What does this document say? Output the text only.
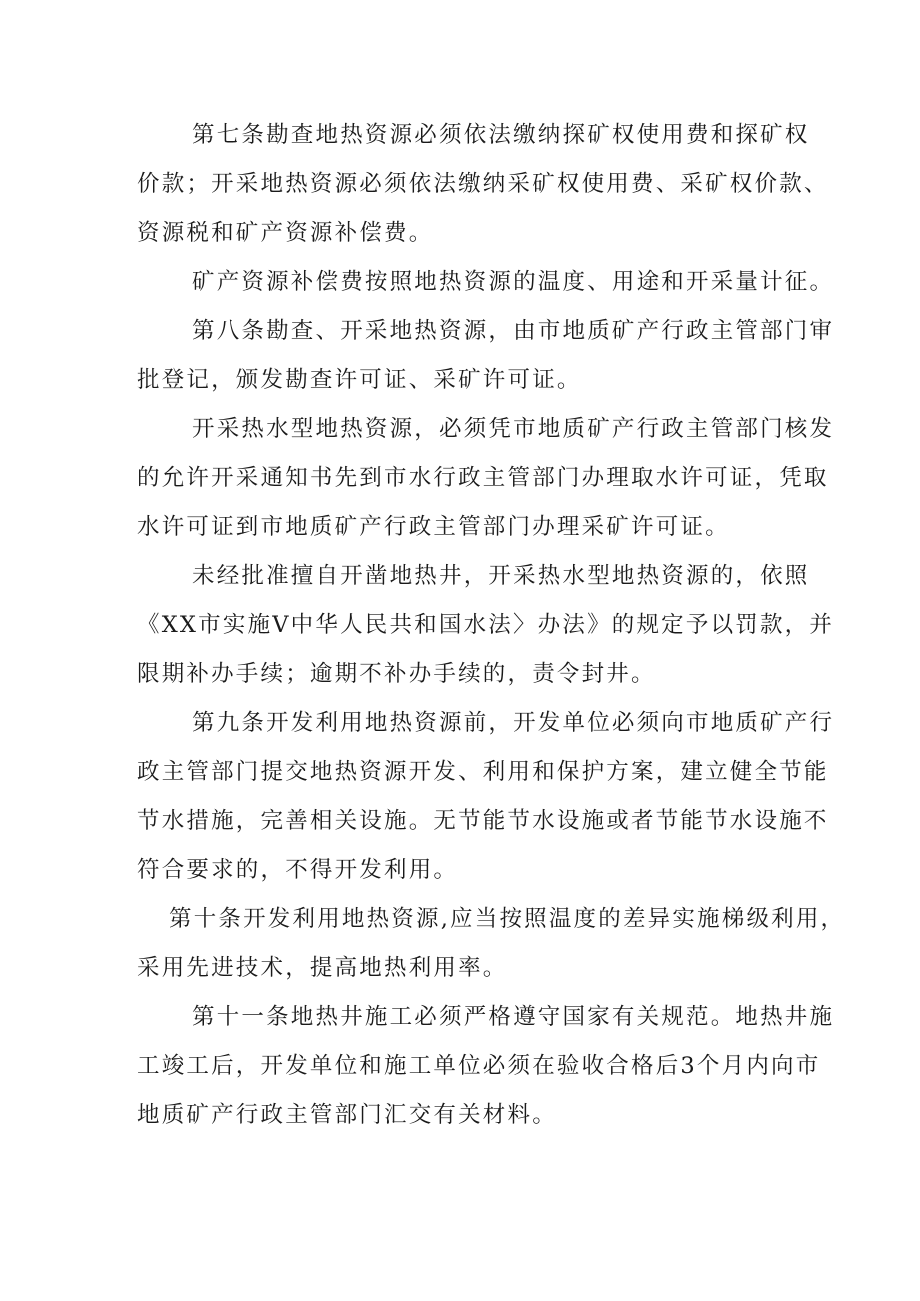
第七条勘查地热资源必须依法缴纳探矿权使用费和探矿权
价款；开采地热资源必须依法缴纳采矿权使用费、采矿权价款、
资源税和矿产资源补偿费。
矿产资源补偿费按照地热资源的温度、用途和开采量计征。
第八条勘查、开采地热资源，由市地质矿产行政主管部门审
批登记，颁发勘查许可证、采矿许可证。
开采热水型地热资源，必须凭市地质矿产行政主管部门核发
的允许开采通知书先到市水行政主管部门办理取水许可证，凭取
水许可证到市地质矿产行政主管部门办理采矿许可证。
未经批准擅自开凿地热井，开采热水型地热资源的，依照
《XX市实施V中华人民共和国水法〉办法》的规定予以罚款，并
限期补办手续；逾期不补办手续的，责令封井。
第九条开发利用地热资源前，开发单位必须向市地质矿产行
政主管部门提交地热资源开发、利用和保护方案，建立健全节能
节水措施，完善相关设施。无节能节水设施或者节能节水设施不
符合要求的，不得开发利用。
第十条开发利用地热资源,应当按照温度的差异实施梯级利用，
采用先进技术，提高地热利用率。
第十一条地热井施工必须严格遵守国家有关规范。地热井施
工竣工后，开发单位和施工单位必须在验收合格后3个月内向市
地质矿产行政主管部门汇交有关材料。
